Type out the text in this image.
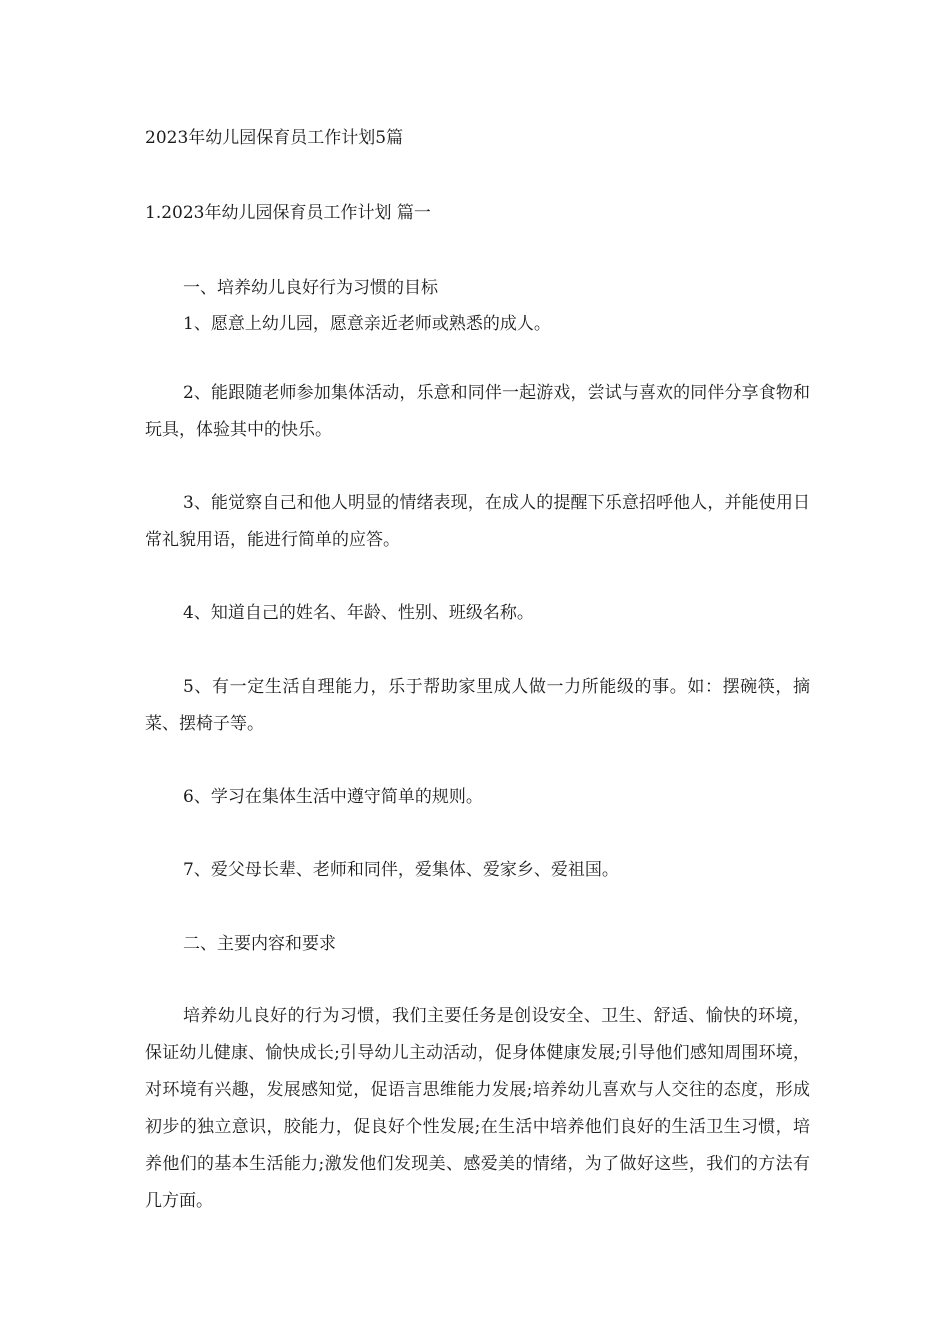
2023年幼儿园保育员工作计划5篇
1.2023年幼儿园保育员工作计划 篇一
一、培养幼儿良好行为习惯的目标
1、愿意上幼儿园，愿意亲近老师或熟悉的成人。
2、能跟随老师参加集体活动，乐意和同伴一起游戏，尝试与喜欢的同伴分享食物和玩具，体验其中的快乐。
3、能觉察自己和他人明显的情绪表现，在成人的提醒下乐意招呼他人，并能使用日常礼貌用语，能进行简单的应答。
4、知道自己的姓名、年龄、性别、班级名称。
5、有一定生活自理能力，乐于帮助家里成人做一力所能级的事。如：摆碗筷，摘菜、摆椅子等。
6、学习在集体生活中遵守简单的规则。
7、爱父母长辈、老师和同伴，爱集体、爱家乡、爱祖国。
二、主要内容和要求
培养幼儿良好的行为习惯，我们主要任务是创设安全、卫生、舒适、愉快的环境，保证幼儿健康、愉快成长;引导幼儿主动活动，促身体健康发展;引导他们感知周围环境，对环境有兴趣，发展感知觉，促语言思维能力发展;培养幼儿喜欢与人交往的态度，形成初步的独立意识，胶能力，促良好个性发展;在生活中培养他们良好的生活卫生习惯，培养他们的基本生活能力;激发他们发现美、感爱美的情绪，为了做好这些，我们的方法有几方面。
